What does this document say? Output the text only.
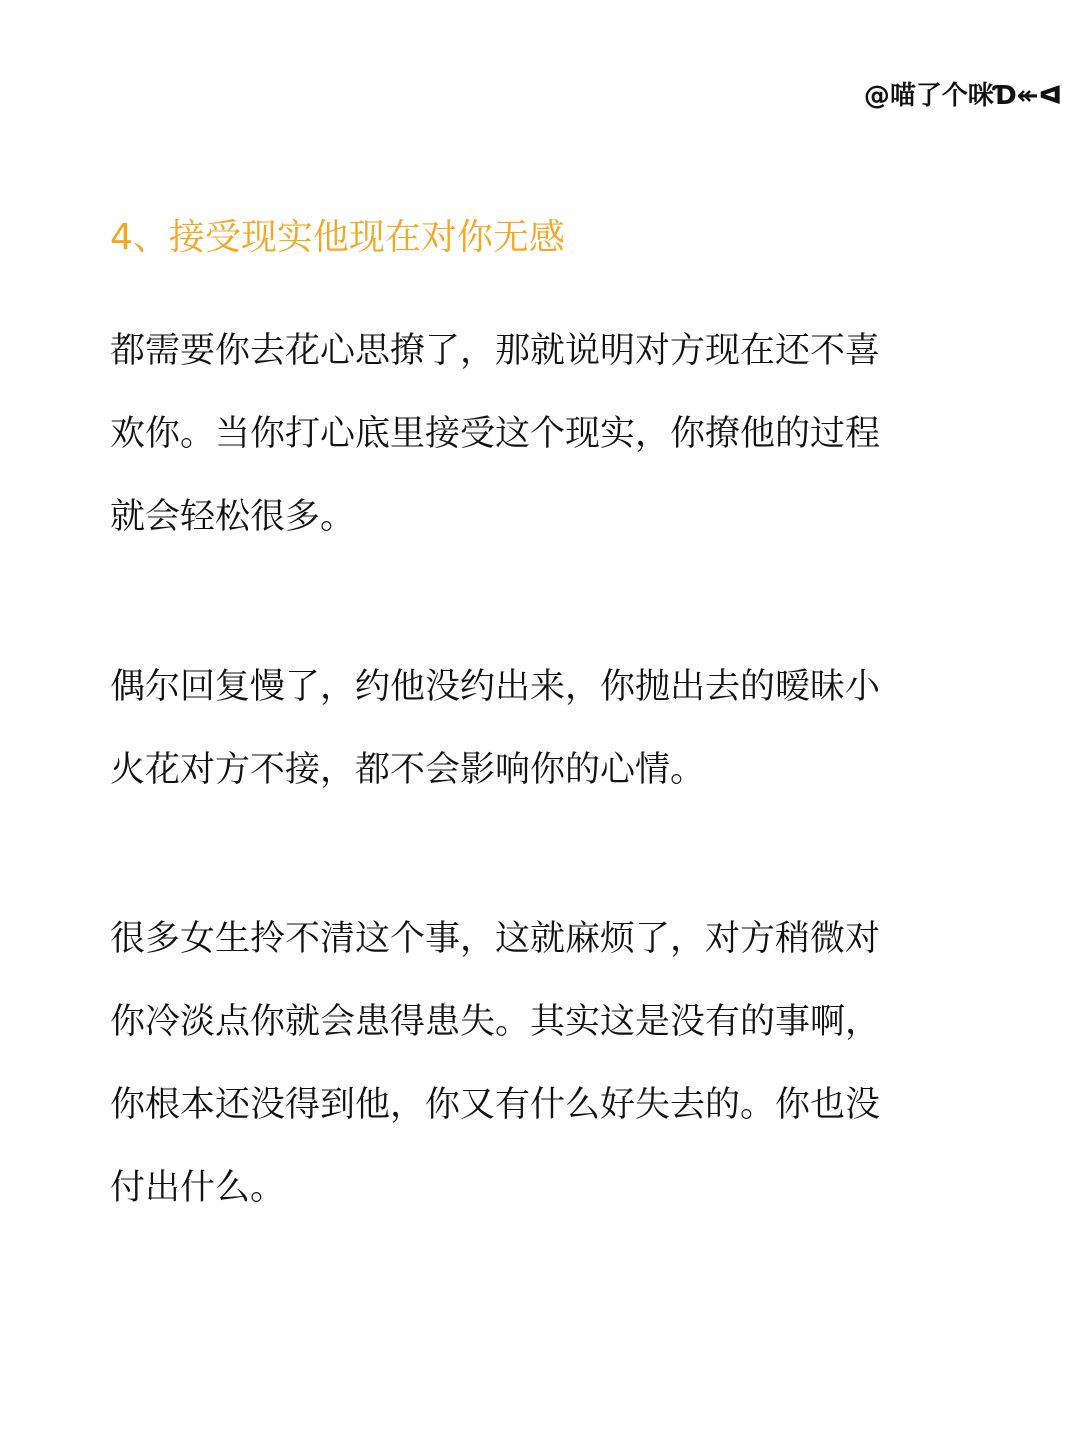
@喵了个咪Ɗ↞ᐊ
4、接受现实他现在对你无感

都需要你去花心思撩了，那就说明对方现在还不喜
欢你。当你打心底里接受这个现实，你撩他的过程
就会轻松很多。

偶尔回复慢了，约他没约出来，你抛出去的暧昧小
火花对方不接，都不会影响你的心情。

很多女生拎不清这个事，这就麻烦了，对方稍微对
你冷淡点你就会患得患失。其实这是没有的事啊，
你根本还没得到他，你又有什么好失去的。你也没
付出什么。
